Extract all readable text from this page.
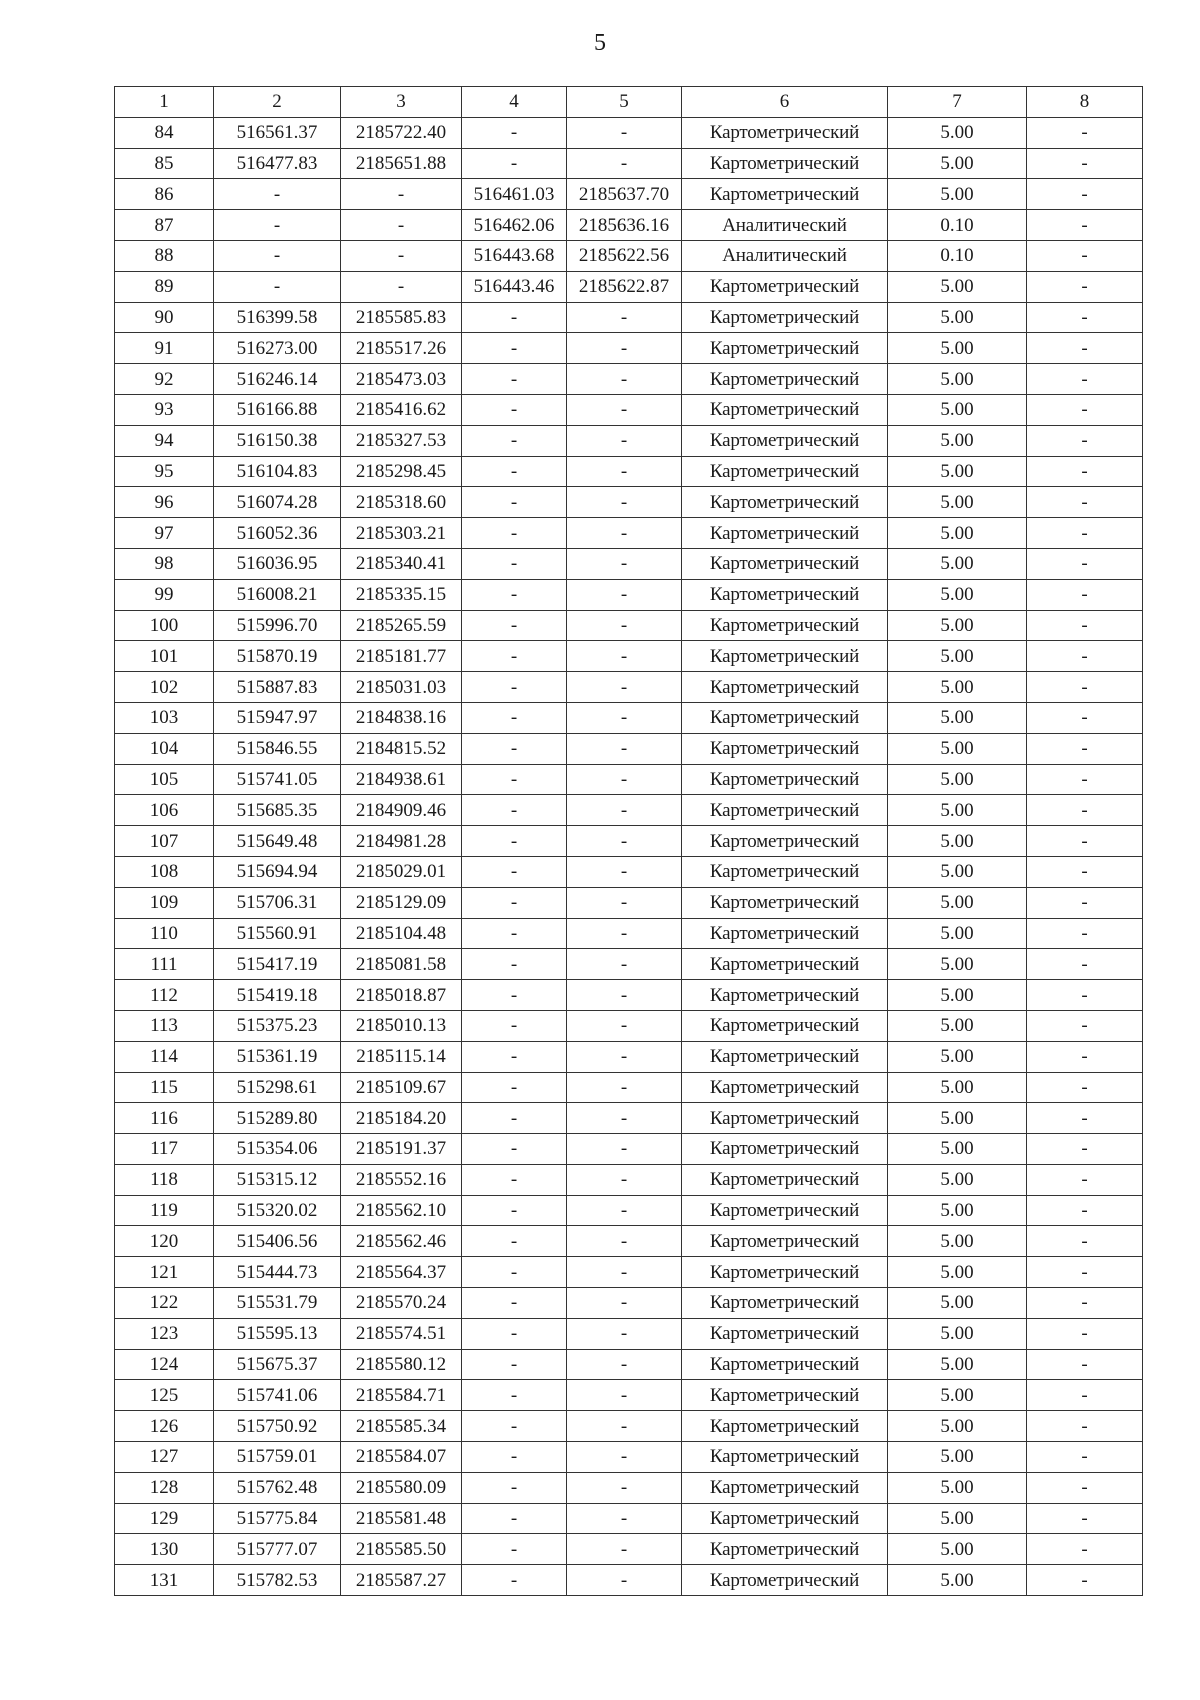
5
1	2	3	4	5	6	7	8
84	516561.37	2185722.40	-	-	Картометрический	5.00	-
85	516477.83	2185651.88	-	-	Картометрический	5.00	-
86	-	-	516461.03	2185637.70	Картометрический	5.00	-
87	-	-	516462.06	2185636.16	Аналитический	0.10	-
88	-	-	516443.68	2185622.56	Аналитический	0.10	-
89	-	-	516443.46	2185622.87	Картометрический	5.00	-
90	516399.58	2185585.83	-	-	Картометрический	5.00	-
91	516273.00	2185517.26	-	-	Картометрический	5.00	-
92	516246.14	2185473.03	-	-	Картометрический	5.00	-
93	516166.88	2185416.62	-	-	Картометрический	5.00	-
94	516150.38	2185327.53	-	-	Картометрический	5.00	-
95	516104.83	2185298.45	-	-	Картометрический	5.00	-
96	516074.28	2185318.60	-	-	Картометрический	5.00	-
97	516052.36	2185303.21	-	-	Картометрический	5.00	-
98	516036.95	2185340.41	-	-	Картометрический	5.00	-
99	516008.21	2185335.15	-	-	Картометрический	5.00	-
100	515996.70	2185265.59	-	-	Картометрический	5.00	-
101	515870.19	2185181.77	-	-	Картометрический	5.00	-
102	515887.83	2185031.03	-	-	Картометрический	5.00	-
103	515947.97	2184838.16	-	-	Картометрический	5.00	-
104	515846.55	2184815.52	-	-	Картометрический	5.00	-
105	515741.05	2184938.61	-	-	Картометрический	5.00	-
106	515685.35	2184909.46	-	-	Картометрический	5.00	-
107	515649.48	2184981.28	-	-	Картометрический	5.00	-
108	515694.94	2185029.01	-	-	Картометрический	5.00	-
109	515706.31	2185129.09	-	-	Картометрический	5.00	-
110	515560.91	2185104.48	-	-	Картометрический	5.00	-
111	515417.19	2185081.58	-	-	Картометрический	5.00	-
112	515419.18	2185018.87	-	-	Картометрический	5.00	-
113	515375.23	2185010.13	-	-	Картометрический	5.00	-
114	515361.19	2185115.14	-	-	Картометрический	5.00	-
115	515298.61	2185109.67	-	-	Картометрический	5.00	-
116	515289.80	2185184.20	-	-	Картометрический	5.00	-
117	515354.06	2185191.37	-	-	Картометрический	5.00	-
118	515315.12	2185552.16	-	-	Картометрический	5.00	-
119	515320.02	2185562.10	-	-	Картометрический	5.00	-
120	515406.56	2185562.46	-	-	Картометрический	5.00	-
121	515444.73	2185564.37	-	-	Картометрический	5.00	-
122	515531.79	2185570.24	-	-	Картометрический	5.00	-
123	515595.13	2185574.51	-	-	Картометрический	5.00	-
124	515675.37	2185580.12	-	-	Картометрический	5.00	-
125	515741.06	2185584.71	-	-	Картометрический	5.00	-
126	515750.92	2185585.34	-	-	Картометрический	5.00	-
127	515759.01	2185584.07	-	-	Картометрический	5.00	-
128	515762.48	2185580.09	-	-	Картометрический	5.00	-
129	515775.84	2185581.48	-	-	Картометрический	5.00	-
130	515777.07	2185585.50	-	-	Картометрический	5.00	-
131	515782.53	2185587.27	-	-	Картометрический	5.00	-
